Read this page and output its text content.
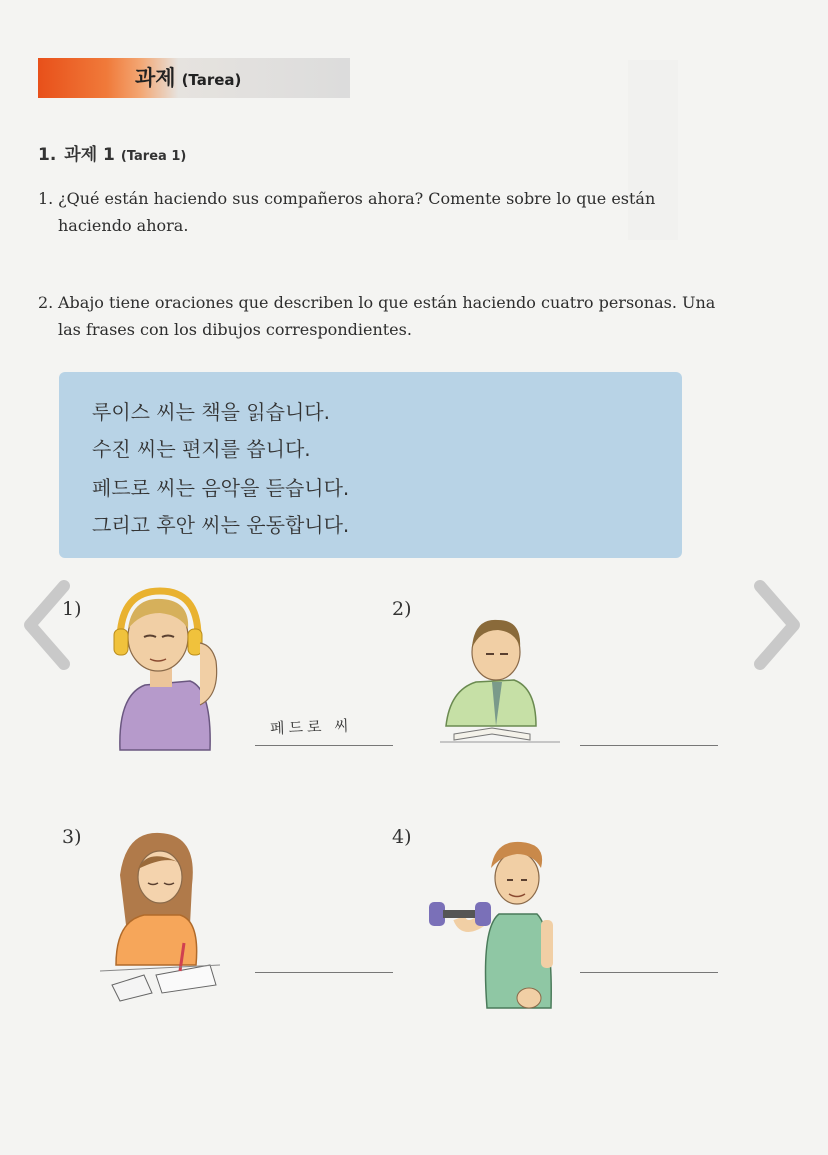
과제 (Tarea)
1. 과제 1 (Tarea 1)
1. ¿Qué están haciendo sus compañeros ahora? Comente sobre lo que están haciendo ahora.
2. Abajo tiene oraciones que describen lo que están haciendo cuatro personas. Una las frases con los dibujos correspondientes.
루이스 씨는 책을 읽습니다.
수진 씨는 편지를 씁니다.
페드로 씨는 음악을 듣습니다.
그리고 후안 씨는 운동합니다.
1)	2)
3)	4)
페드로 씨
